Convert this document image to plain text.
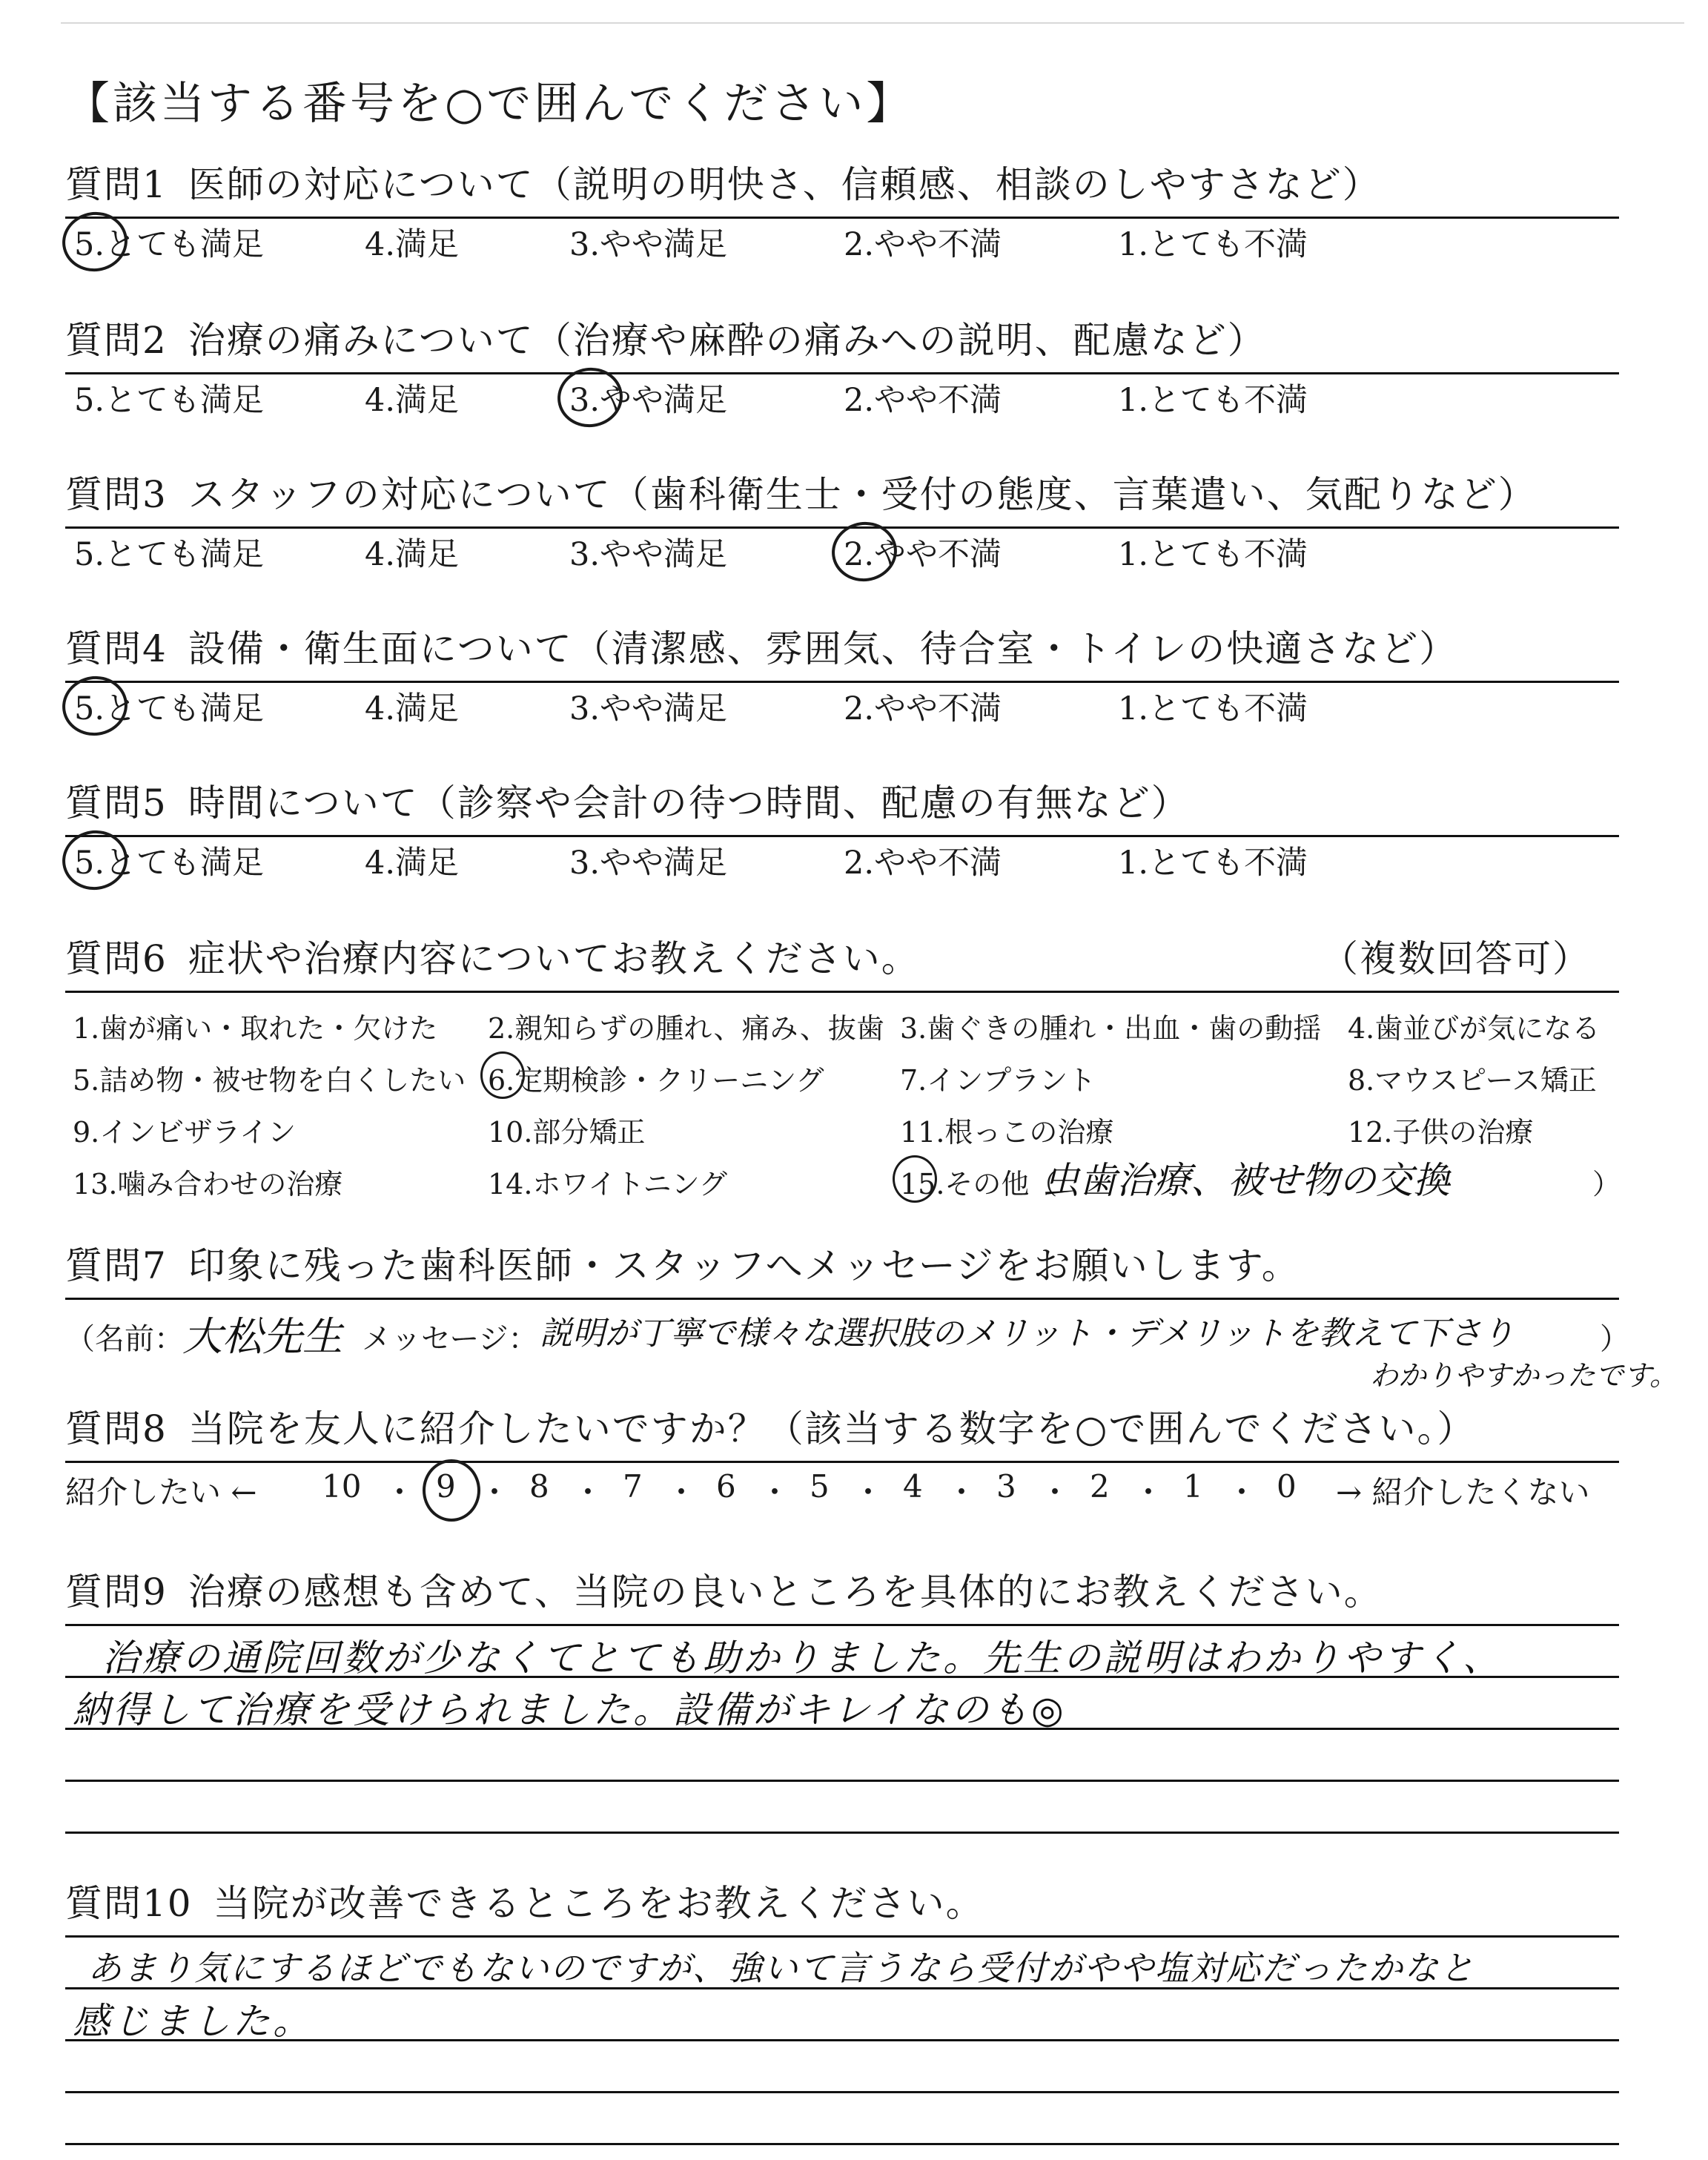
【該当する番号を○で囲んでください】
質問1 医師の対応について（説明の明快さ、信頼感、相談のしやすさなど）
5.とても満足	4.満足	3.やや満足	2.やや不満	1.とても不満
質問2 治療の痛みについて（治療や麻酔の痛みへの説明、配慮など）
5.とても満足	4.満足	3.やや満足	2.やや不満	1.とても不満
質問3 スタッフの対応について（歯科衛生士・受付の態度、言葉遣い、気配りなど）
5.とても満足	4.満足	3.やや満足	2.やや不満	1.とても不満
質問4 設備・衛生面について（清潔感、雰囲気、待合室・トイレの快適さなど）
5.とても満足	4.満足	3.やや満足	2.やや不満	1.とても不満
質問5 時間について（診察や会計の待つ時間、配慮の有無など）
5.とても満足	4.満足	3.やや満足	2.やや不満	1.とても不満
質問6 症状や治療内容についてお教えください。	（複数回答可）
1.歯が痛い・取れた・欠けた 2.親知らずの腫れ、痛み、抜歯 3.歯ぐきの腫れ・出血・歯の動揺 4.歯並びが気になる
5.詰め物・被せ物を白くしたい 6.定期検診・クリーニング	7.インプラント	8.マウスピース矯正
9.インビザライン	10.部分矯正	11.根っこの治療	12.子供の治療
13.噛み合わせの治療	14.ホワイトニング	15.その他（
虫歯治療、被せ物の交換	）
質問7 印象に残った歯科医師・スタッフへメッセージをお願いします。
（名前：
大松先生 メッセージ： 説明が丁寧で様々な選択肢のメリット・デメリットを教えて下さり	）
わかりやすかったです。
質問8 当院を友人に紹介したいですか？（該当する数字を○で囲んでください。）
紹介したい ← 10 ・ 9 ・ 8 ・ 7 ・ 6 ・ 5 ・ 4 ・ 3 ・ 2 ・ 1 ・ 0 → 紹介したくない
質問9 治療の感想も含めて、当院の良いところを具体的にお教えください。
治療の通院回数が少なくてとても助かりました。先生の説明はわかりやすく、
納得して治療を受けられました。設備がキレイなのも◎
質問10 当院が改善できるところをお教えください。
あまり気にするほどでもないのですが、強いて言うなら受付がやや塩対応だったかなと
感じました。
